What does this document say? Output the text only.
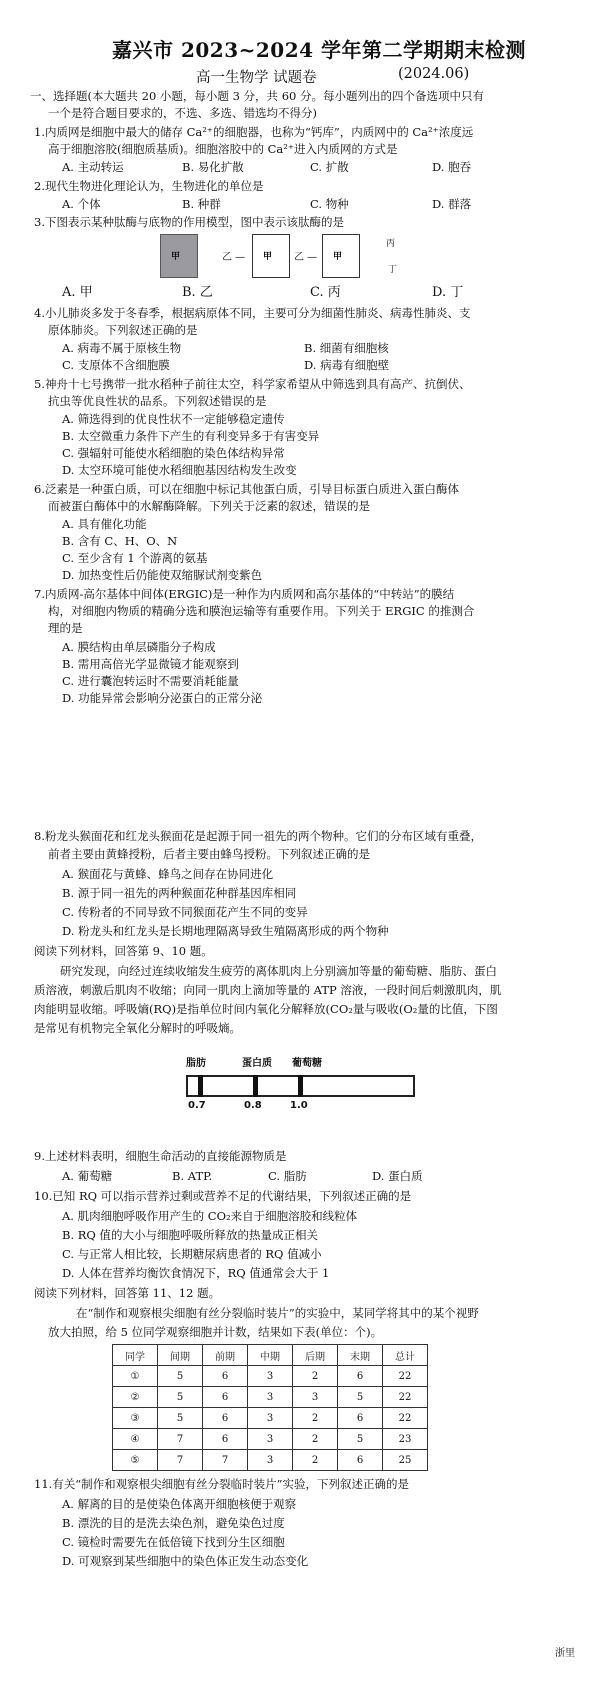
嘉兴市 2023~2024 学年第二学期期末检测
高一生物学 试题卷	(2024.06)
一、选择题(本大题共 20 小题，每小题 3 分，共 60 分。每小题列出的四个备选项中只有
一个是符合题目要求的，不选、多选、错选均不得分)
1.内质网是细胞中最大的储存 Ca²⁺的细胞器，也称为“钙库”，内质网中的 Ca²⁺浓度远
高于细胞溶胶(细胞质基质)。细胞溶胶中的 Ca²⁺进入内质网的方式是
A. 主动转运	B. 易化扩散	C. 扩散	D. 胞吞
2.现代生物进化理论认为，生物进化的单位是
A. 个体	B. 种群	C. 物种	D. 群落
3.下图表示某种肽酶与底物的作用模型，图中表示该肽酶的是
甲	乙 — 甲 乙 — 甲
丙
丁
A. 甲	B. 乙	C. 丙	D. 丁
4.小儿肺炎多发于冬春季，根据病原体不同，主要可分为细菌性肺炎、病毒性肺炎、支
原体肺炎。下列叙述正确的是
A. 病毒不属于原核生物	B. 细菌有细胞核
C. 支原体不含细胞膜	D. 病毒有细胞壁
5.神舟十七号携带一批水稻种子前往太空，科学家希望从中筛选到具有高产、抗倒伏、
抗虫等优良性状的品系。下列叙述错误的是
A. 筛选得到的优良性状不一定能够稳定遗传
B. 太空微重力条件下产生的有利变异多于有害变异
C. 强辐射可能使水稻细胞的染色体结构异常
D. 太空环境可能使水稻细胞基因结构发生改变
6.泛素是一种蛋白质，可以在细胞中标记其他蛋白质，引导目标蛋白质进入蛋白酶体
而被蛋白酶体中的水解酶降解。下列关于泛素的叙述，错误的是
A. 具有催化功能
B. 含有 C、H、O、N
C. 至少含有 1 个游离的氨基
D. 加热变性后仍能使双缩脲试剂变紫色
7.内质网-高尔基体中间体(ERGIC)是一种作为内质网和高尔基体的“中转站”的膜结
构，对细胞内物质的精确分选和膜泡运输等有重要作用。下列关于 ERGIC 的推测合
理的是
A. 膜结构由单层磷脂分子构成
B. 需用高倍光学显微镜才能观察到
C. 进行囊泡转运时不需要消耗能量
D. 功能异常会影响分泌蛋白的正常分泌
8.粉龙头猴面花和红龙头猴面花是起源于同一祖先的两个物种。它们的分布区域有重叠，
前者主要由黄蜂授粉，后者主要由蜂鸟授粉。下列叙述正确的是
A. 猴面花与黄蜂、蜂鸟之间存在协同进化
B. 源于同一祖先的两种猴面花种群基因库相同
C. 传粉者的不同导致不同猴面花产生不同的变异
D. 粉龙头和红龙头是长期地理隔离导致生殖隔离形成的两个物种
阅读下列材料，回答第 9、10 题。
研究发现，向经过连续收缩发生疲劳的离体肌肉上分别滴加等量的葡萄糖、脂肪、蛋白
质溶液，刺激后肌肉不收缩；向同一肌肉上滴加等量的 ATP 溶液，一段时间后刺激肌肉，肌
肉能明显收缩。呼吸熵(RQ)是指单位时间内氧化分解释放(CO₂量与吸收(O₂量的比值，下图
是常见有机物完全氧化分解时的呼吸熵。
脂肪	蛋白质 葡萄糖
0.7	0.8	1.0
9.上述材料表明，细胞生命活动的直接能源物质是
A. 葡萄糖	B. ATP.	C. 脂肪	D. 蛋白质
10.已知 RQ 可以指示营养过剩或营养不足的代谢结果，下列叙述正确的是
A. 肌肉细胞呼吸作用产生的 CO₂来自于细胞溶胶和线粒体
B. RQ 值的大小与细胞呼吸所释放的热量成正相关
C. 与正常人相比较，长期糖尿病患者的 RQ 值减小
D. 人体在营养均衡饮食情况下，RQ 值通常会大于 1
阅读下列材料，回答第 11、12 题。
在“制作和观察根尖细胞有丝分裂临时装片”的实验中，某同学将其中的某个视野
放大拍照，给 5 位同学观察细胞并计数，结果如下表(单位：个)。
同学	间期	前期	中期	后期	末期	总计
①	5	6	3	2	6	22
②	5	6	3	3	5	22
③	5	6	3	2	6	22
④	7	6	3	2	5	23
⑤	7	7	3	2	6	25
11.有关“制作和观察根尖细胞有丝分裂临时装片”实验，下列叙述正确的是
A. 解离的目的是使染色体离开细胞核便于观察
B. 漂洗的目的是洗去染色剂，避免染色过度
C. 镜检时需要先在低倍镜下找到分生区细胞
D. 可观察到某些细胞中的染色体正发生动态变化
浙里
